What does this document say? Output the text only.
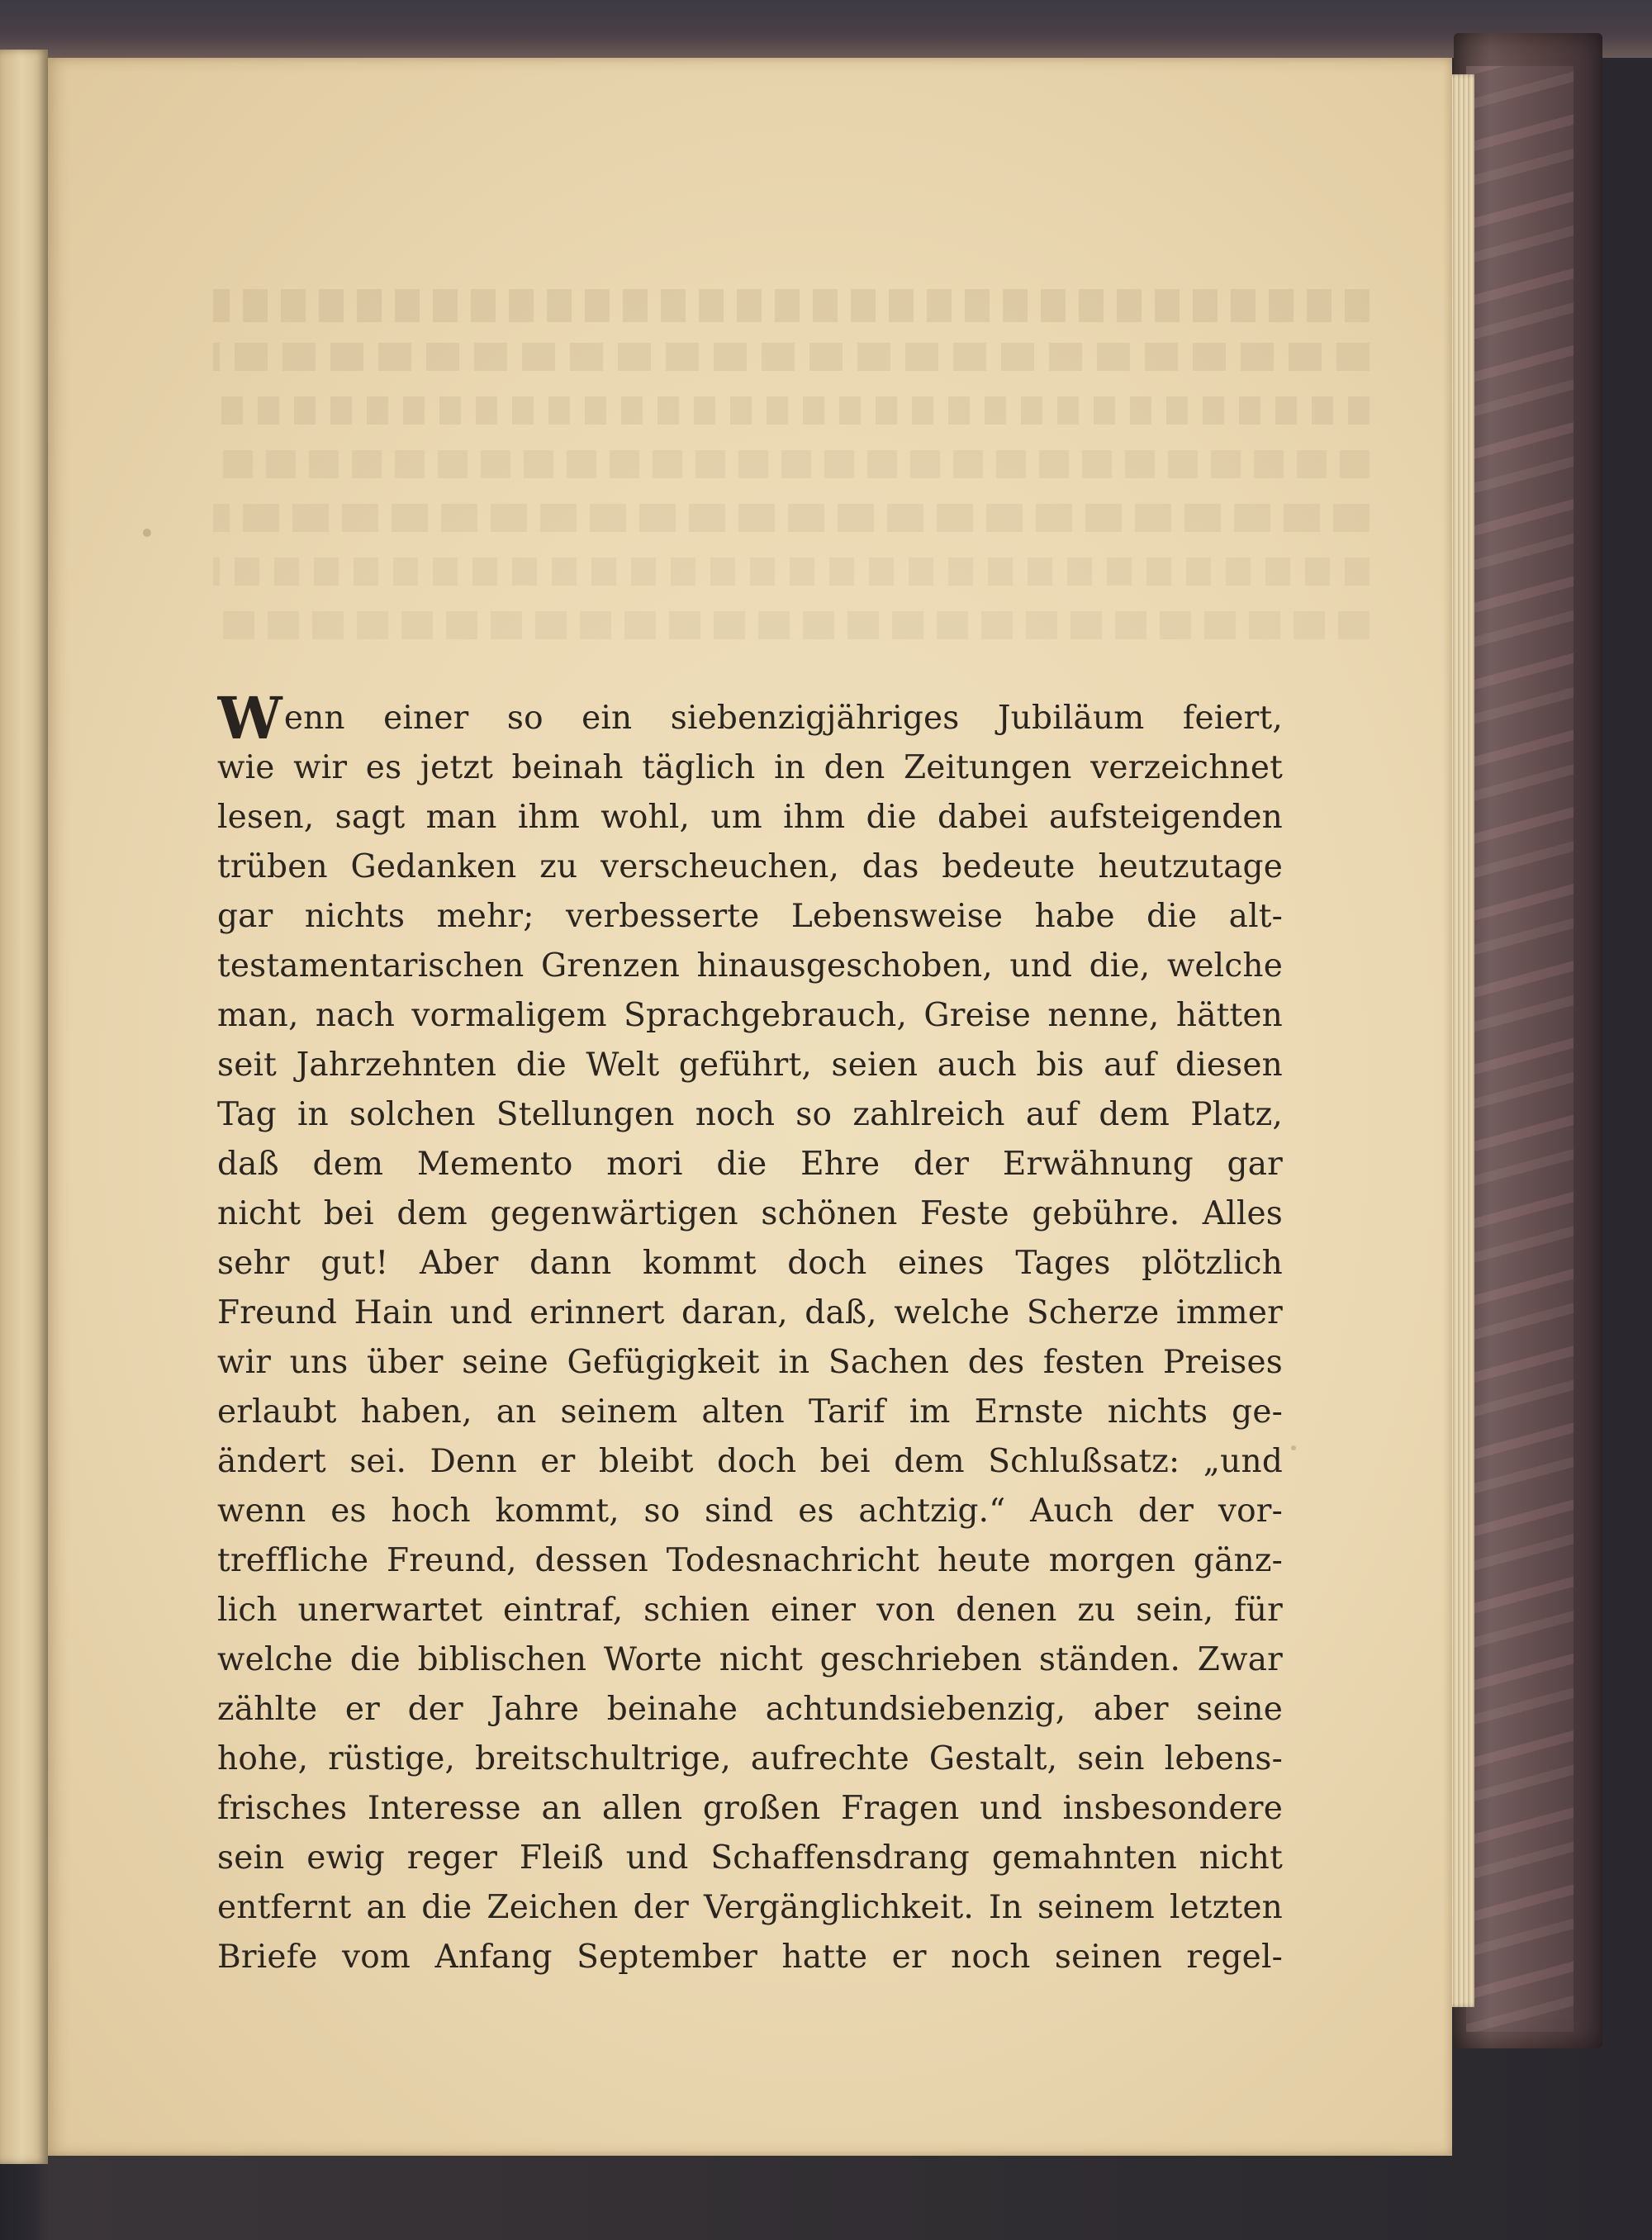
Wenn einer so ein siebenzigjähriges Jubiläum feiert,
wie wir es jetzt beinah täglich in den Zeitungen verzeichnet
lesen, sagt man ihm wohl, um ihm die dabei aufsteigenden
trüben Gedanken zu verscheuchen, das bedeute heutzutage
gar nichts mehr; verbesserte Lebensweise habe die alt-
testamentarischen Grenzen hinausgeschoben, und die, welche
man, nach vormaligem Sprachgebrauch, Greise nenne, hätten
seit Jahrzehnten die Welt geführt, seien auch bis auf diesen
Tag in solchen Stellungen noch so zahlreich auf dem Platz,
daß dem Memento mori die Ehre der Erwähnung gar
nicht bei dem gegenwärtigen schönen Feste gebühre. Alles
sehr gut! Aber dann kommt doch eines Tages plötzlich
Freund Hain und erinnert daran, daß, welche Scherze immer
wir uns über seine Gefügigkeit in Sachen des festen Preises
erlaubt haben, an seinem alten Tarif im Ernste nichts ge-
ändert sei. Denn er bleibt doch bei dem Schlußsatz: „und
wenn es hoch kommt, so sind es achtzig.“ Auch der vor-
treffliche Freund, dessen Todesnachricht heute morgen gänz-
lich unerwartet eintraf, schien einer von denen zu sein, für
welche die biblischen Worte nicht geschrieben ständen. Zwar
zählte er der Jahre beinahe achtundsiebenzig, aber seine
hohe, rüstige, breitschultrige, aufrechte Gestalt, sein lebens-
frisches Interesse an allen großen Fragen und insbesondere
sein ewig reger Fleiß und Schaffensdrang gemahnten nicht
entfernt an die Zeichen der Vergänglichkeit. In seinem letzten
Briefe vom Anfang September hatte er noch seinen regel-
